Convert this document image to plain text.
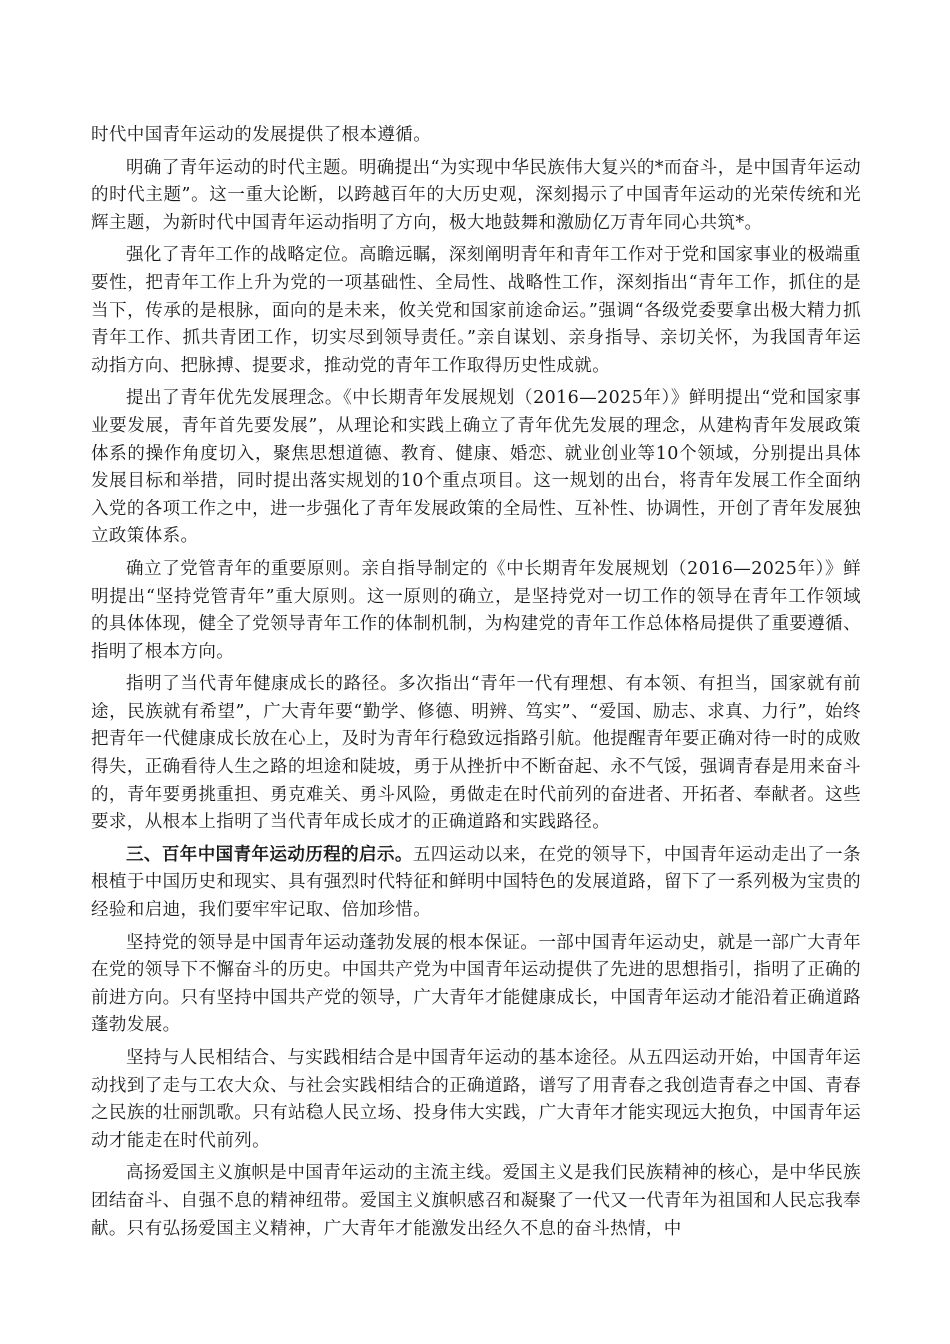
时代中国青年运动的发展提供了根本遵循。

明确了青年运动的时代主题。明确提出“为实现中华民族伟大复兴的*而奋斗，是中国青年运动的时代主题”。这一重大论断，以跨越百年的大历史观，深刻揭示了中国青年运动的光荣传统和光辉主题，为新时代中国青年运动指明了方向，极大地鼓舞和激励亿万青年同心共筑*。

强化了青年工作的战略定位。高瞻远瞩，深刻阐明青年和青年工作对于党和国家事业的极端重要性，把青年工作上升为党的一项基础性、全局性、战略性工作，深刻指出“青年工作，抓住的是当下，传承的是根脉，面向的是未来，攸关党和国家前途命运。”强调“各级党委要拿出极大精力抓青年工作、抓共青团工作，切实尽到领导责任。”亲自谋划、亲身指导、亲切关怀，为我国青年运动指方向、把脉搏、提要求，推动党的青年工作取得历史性成就。

提出了青年优先发展理念。《中长期青年发展规划（2016—2025年）》鲜明提出“党和国家事业要发展，青年首先要发展”，从理论和实践上确立了青年优先发展的理念，从建构青年发展政策体系的操作角度切入，聚焦思想道德、教育、健康、婚恋、就业创业等10个领域，分别提出具体发展目标和举措，同时提出落实规划的10个重点项目。这一规划的出台，将青年发展工作全面纳入党的各项工作之中，进一步强化了青年发展政策的全局性、互补性、协调性，开创了青年发展独立政策体系。

确立了党管青年的重要原则。亲自指导制定的《中长期青年发展规划（2016—2025年）》鲜明提出“坚持党管青年”重大原则。这一原则的确立，是坚持党对一切工作的领导在青年工作领域的具体体现，健全了党领导青年工作的体制机制，为构建党的青年工作总体格局提供了重要遵循、指明了根本方向。

指明了当代青年健康成长的路径。多次指出“青年一代有理想、有本领、有担当，国家就有前途，民族就有希望”，广大青年要“勤学、修德、明辨、笃实”、“爱国、励志、求真、力行”，始终把青年一代健康成长放在心上，及时为青年行稳致远指路引航。他提醒青年要正确对待一时的成败得失，正确看待人生之路的坦途和陡坡，勇于从挫折中不断奋起、永不气馁，强调青春是用来奋斗的，青年要勇挑重担、勇克难关、勇斗风险，勇做走在时代前列的奋进者、开拓者、奉献者。这些要求，从根本上指明了当代青年成长成才的正确道路和实践路径。

三、百年中国青年运动历程的启示。五四运动以来，在党的领导下，中国青年运动走出了一条根植于中国历史和现实、具有强烈时代特征和鲜明中国特色的发展道路，留下了一系列极为宝贵的经验和启迪，我们要牢牢记取、倍加珍惜。

坚持党的领导是中国青年运动蓬勃发展的根本保证。一部中国青年运动史，就是一部广大青年在党的领导下不懈奋斗的历史。中国共产党为中国青年运动提供了先进的思想指引，指明了正确的前进方向。只有坚持中国共产党的领导，广大青年才能健康成长，中国青年运动才能沿着正确道路蓬勃发展。

坚持与人民相结合、与实践相结合是中国青年运动的基本途径。从五四运动开始，中国青年运动找到了走与工农大众、与社会实践相结合的正确道路，谱写了用青春之我创造青春之中国、青春之民族的壮丽凯歌。只有站稳人民立场、投身伟大实践，广大青年才能实现远大抱负，中国青年运动才能走在时代前列。

高扬爱国主义旗帜是中国青年运动的主流主线。爱国主义是我们民族精神的核心，是中华民族团结奋斗、自强不息的精神纽带。爱国主义旗帜感召和凝聚了一代又一代青年为祖国和人民忘我奉献。只有弘扬爱国主义精神，广大青年才能激发出经久不息的奋斗热情，中
